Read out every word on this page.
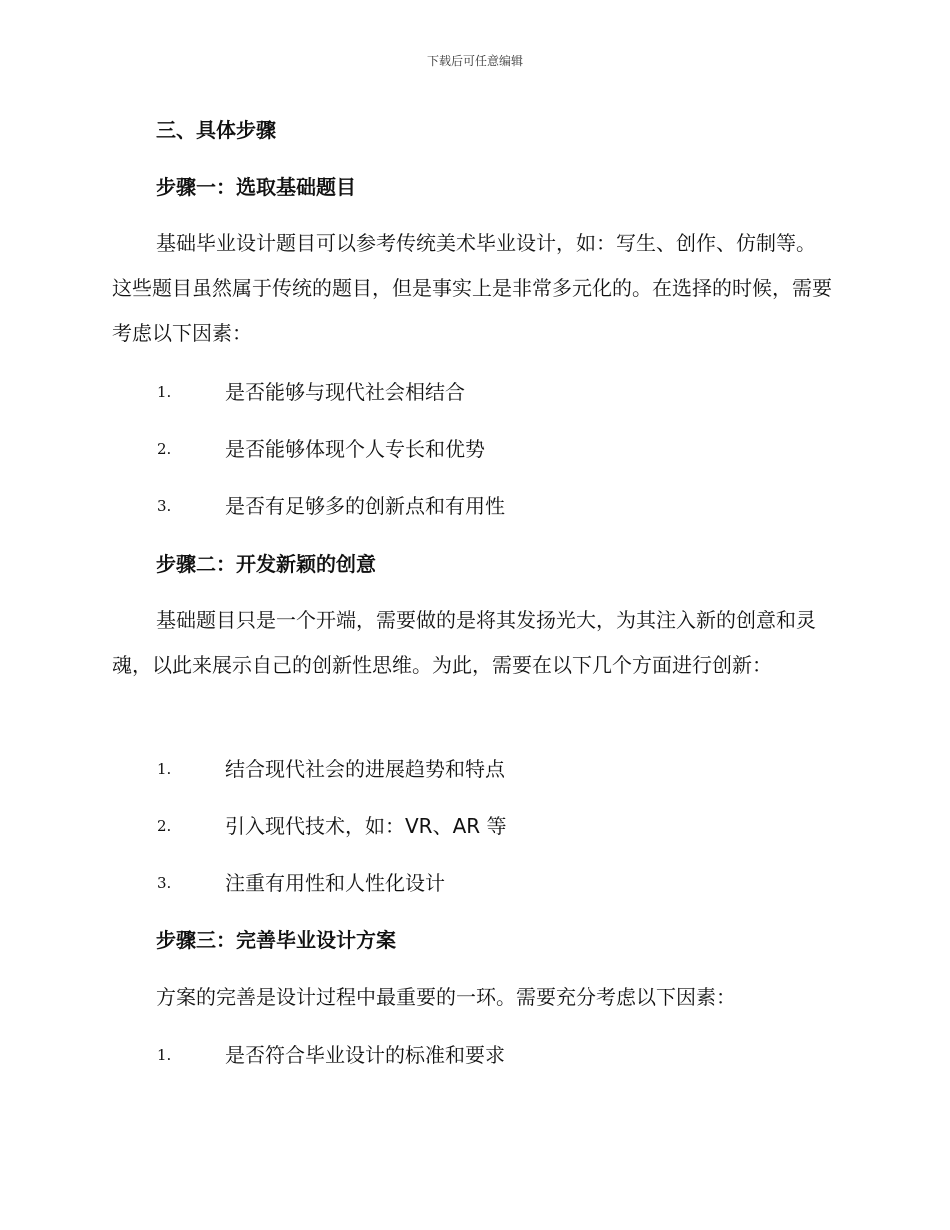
下载后可任意编辑
三、具体步骤
步骤一：选取基础题目

基础毕业设计题目可以参考传统美术毕业设计，如：写生、创作、仿制等。这些题目虽然属于传统的题目，但是事实上是非常多元化的。在选择的时候，需要考虑以下因素：

1.	是否能够与现代社会相结合
2.	是否能够体现个人专长和优势
3.	是否有足够多的创新点和有用性
步骤二：开发新颖的创意

基础题目只是一个开端，需要做的是将其发扬光大，为其注入新的创意和灵魂，以此来展示自己的创新性思维。为此，需要在以下几个方面进行创新：

1.	结合现代社会的进展趋势和特点
2.	引入现代技术，如：VR、AR 等
3.	注重有用性和人性化设计
步骤三：完善毕业设计方案
方案的完善是设计过程中最重要的一环。需要充分考虑以下因素：
1.	是否符合毕业设计的标准和要求
